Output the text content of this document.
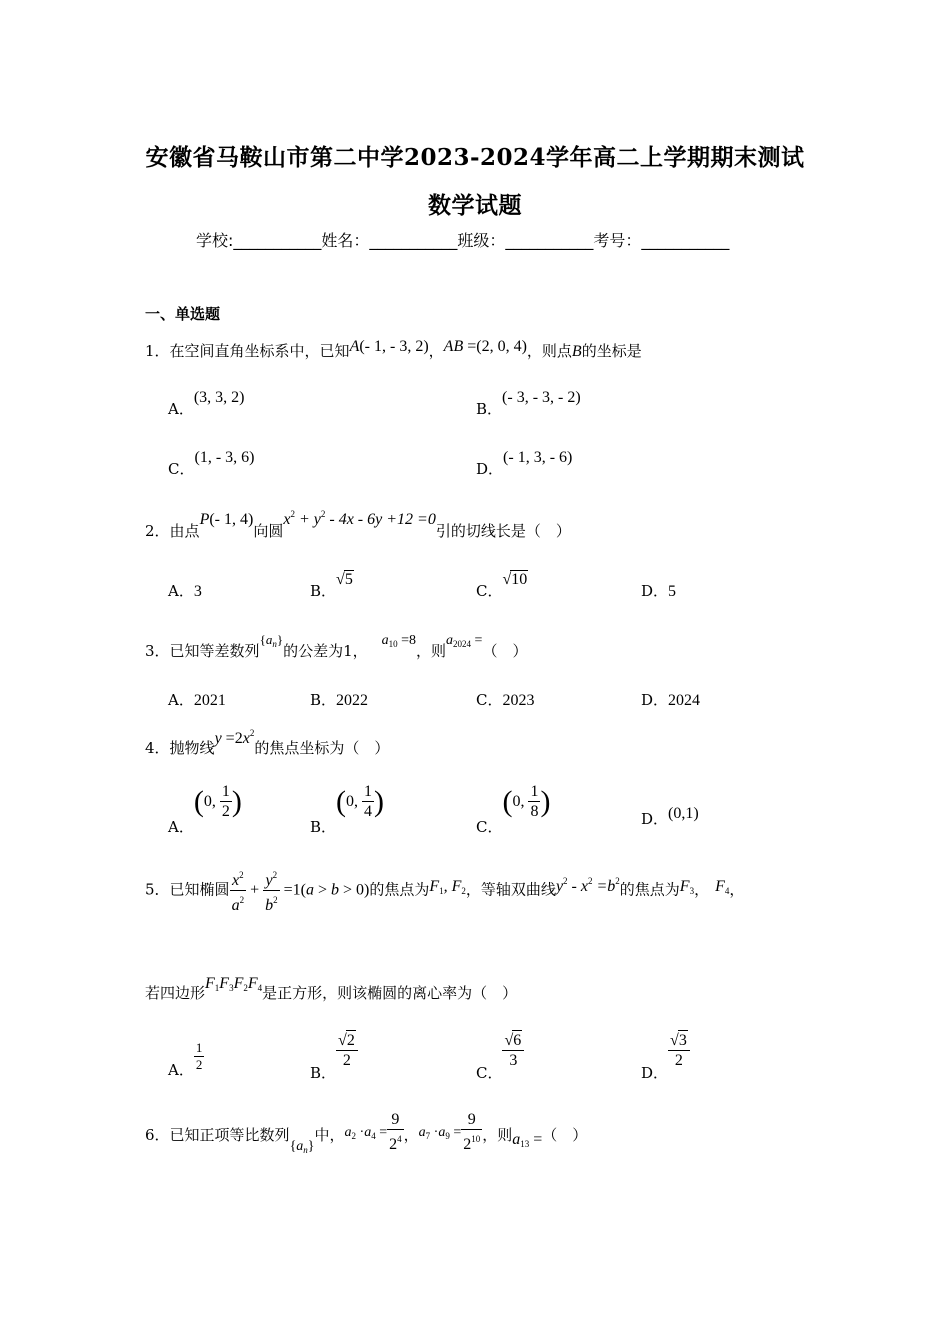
安徽省马鞍山市第二中学2023-2024学年高二上学期期末测试
数学试题
学校:___________姓名：___________班级：___________考号：___________
一、单选题
1．在空间直角坐标系中，已知A(- 1, - 3, 2)，AB =(2, 0, 4)，则点B的坐标是
A．(3, 3, 2)
B．(- 3, - 3, - 2)
C．(1, - 3, 6)
D．(- 1, 3, - 6)
2．由点P(- 1, 4)向圆$x^2 + y^2 - 4x - 6y +12 =0$引的切线长是（　）
A．3	B．√5
C．√10
D．5
3．已知等差数列$\{a_n\}$的公差为1，$a_{10} =8$，则$a_{2024}$ =（　）
A．2021	B．2022	C．2023	D．2024
4．抛物线$y =2x^2$的焦点坐标为（　）
A．(0, $\frac{1}{2}$ )
B．(0, $\frac{1}{4}$ )
C．(0, $\frac{1}{8}$ )
D．(0,1)
5．已知椭圆 $\frac{x^2}{a^2} + \frac{y^2}{b^2} =1(a > b > 0)$的焦点为$F_1$, $F_2$，等轴双曲线$y^2 - x^2 =b^2$的焦点为$F_3$， $F_4$，
若四边形$F_1F_3F_2F_4$是正方形，则该椭圆的离心率为（　）
A． $\frac{1}{2}$	B．
$\frac{√2}{2}$
C．
$\frac{√6}{3}$
D．
$\frac{√3}{2}$
6．已知正项等比数列$\{a_n\}$中，$a_2 \cdot a_4 = \frac{9}{2^4}$ ，$a_7 \cdot a_9 = \frac{9}{2^{10}}$ ，则$a_{13}$ =（　）
